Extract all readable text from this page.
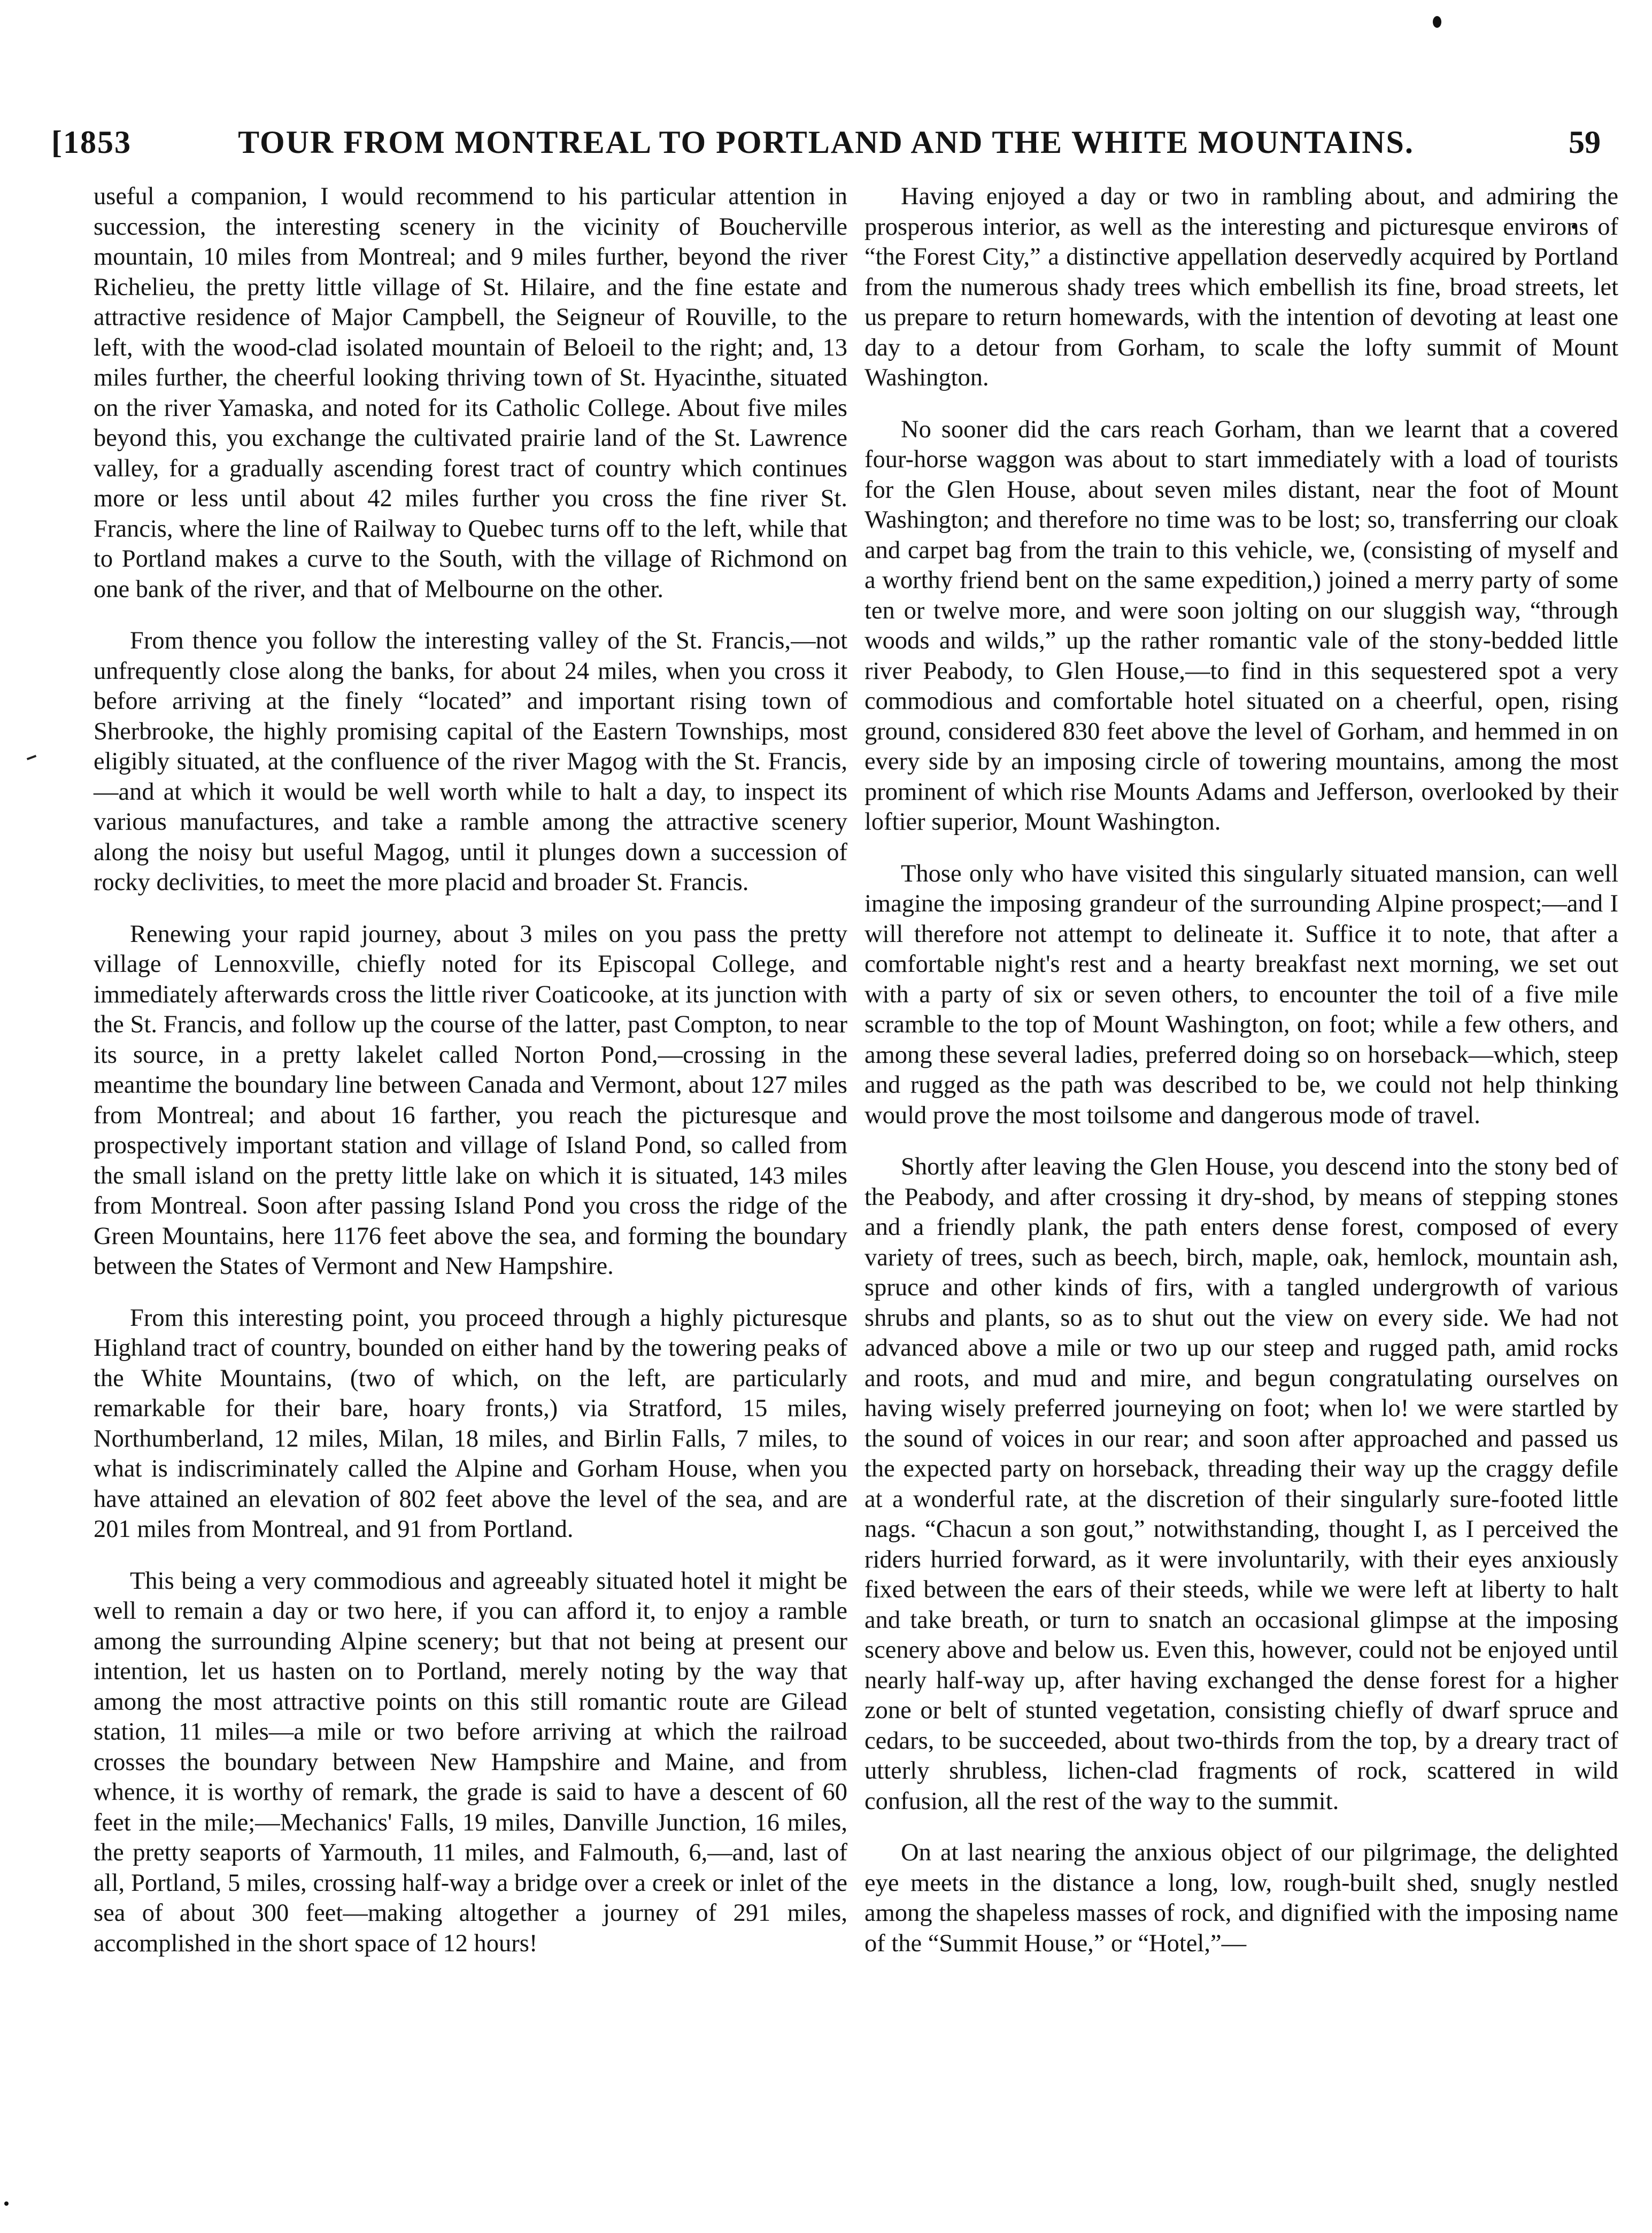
[1853	TOUR FROM MONTREAL TO PORTLAND AND THE WHITE MOUNTAINS.	59

useful a companion, I would recommend to his particular attention in succession, the interesting scenery in the vicinity of Boucherville mountain, 10 miles from Montreal; and 9 miles further, beyond the river Richelieu, the pretty little village of St. Hilaire, and the fine estate and attractive residence of Major Campbell, the Seigneur of Rouville, to the left, with the wood-clad isolated mountain of Beloeil to the right; and, 13 miles further, the cheerful looking thriving town of St. Hyacinthe, situated on the river Yamaska, and noted for its Catholic College. About five miles beyond this, you exchange the cultivated prairie land of the St. Lawrence valley, for a gradually ascending forest tract of country which continues more or less until about 42 miles further you cross the fine river St. Francis, where the line of Railway to Quebec turns off to the left, while that to Portland makes a curve to the South, with the village of Richmond on one bank of the river, and that of Melbourne on the other.

From thence you follow the interesting valley of the St. Francis,—not unfrequently close along the banks, for about 24 miles, when you cross it before arriving at the finely “located” and important rising town of Sherbrooke, the highly promising capital of the Eastern Townships, most eligibly situated, at the confluence of the river Magog with the St. Francis,—and at which it would be well worth while to halt a day, to inspect its various manufactures, and take a ramble among the attractive scenery along the noisy but useful Magog, until it plunges down a succession of rocky declivities, to meet the more placid and broader St. Francis.

Renewing your rapid journey, about 3 miles on you pass the pretty village of Lennoxville, chiefly noted for its Episcopal College, and immediately afterwards cross the little river Coaticooke, at its junction with the St. Francis, and follow up the course of the latter, past Compton, to near its source, in a pretty lakelet called Norton Pond,—crossing in the meantime the boundary line between Canada and Vermont, about 127 miles from Montreal; and about 16 farther, you reach the picturesque and prospectively important station and village of Island Pond, so called from the small island on the pretty little lake on which it is situated, 143 miles from Montreal. Soon after passing Island Pond you cross the ridge of the Green Mountains, here 1176 feet above the sea, and forming the boundary between the States of Vermont and New Hampshire.

From this interesting point, you proceed through a highly picturesque Highland tract of country, bounded on either hand by the towering peaks of the White Mountains, (two of which, on the left, are particularly remarkable for their bare, hoary fronts,) via Stratford, 15 miles, Northumberland, 12 miles, Milan, 18 miles, and Birlin Falls, 7 miles, to what is indiscriminately called the Alpine and Gorham House, when you have attained an elevation of 802 feet above the level of the sea, and are 201 miles from Montreal, and 91 from Portland.

This being a very commodious and agreeably situated hotel it might be well to remain a day or two here, if you can afford it, to enjoy a ramble among the surrounding Alpine scenery; but that not being at present our intention, let us hasten on to Portland, merely noting by the way that among the most attractive points on this still romantic route are Gilead station, 11 miles—a mile or two before arriving at which the railroad crosses the boundary between New Hampshire and Maine, and from whence, it is worthy of remark, the grade is said to have a descent of 60 feet in the mile;—Mechanics' Falls, 19 miles, Danville Junction, 16 miles, the pretty seaports of Yarmouth, 11 miles, and Falmouth, 6,—and, last of all, Portland, 5 miles, crossing half-way a bridge over a creek or inlet of the sea of about 300 feet—making altogether a journey of 291 miles, accomplished in the short space of 12 hours!

Having enjoyed a day or two in rambling about, and admiring the prosperous interior, as well as the interesting and picturesque environs of “the Forest City,” a distinctive appellation deservedly acquired by Portland from the numerous shady trees which embellish its fine, broad streets, let us prepare to return homewards, with the intention of devoting at least one day to a detour from Gorham, to scale the lofty summit of Mount Washington.

No sooner did the cars reach Gorham, than we learnt that a covered four-horse waggon was about to start immediately with a load of tourists for the Glen House, about seven miles distant, near the foot of Mount Washington; and therefore no time was to be lost; so, transferring our cloak and carpet bag from the train to this vehicle, we, (consisting of myself and a worthy friend bent on the same expedition,) joined a merry party of some ten or twelve more, and were soon jolting on our sluggish way, “through woods and wilds,” up the rather romantic vale of the stony-bedded little river Peabody, to Glen House,—to find in this sequestered spot a very commodious and comfortable hotel situated on a cheerful, open, rising ground, considered 830 feet above the level of Gorham, and hemmed in on every side by an imposing circle of towering mountains, among the most prominent of which rise Mounts Adams and Jefferson, overlooked by their loftier superior, Mount Washington.

Those only who have visited this singularly situated mansion, can well imagine the imposing grandeur of the surrounding Alpine prospect;—and I will therefore not attempt to delineate it. Suffice it to note, that after a comfortable night's rest and a hearty breakfast next morning, we set out with a party of six or seven others, to encounter the toil of a five mile scramble to the top of Mount Washington, on foot; while a few others, and among these several ladies, preferred doing so on horseback—which, steep and rugged as the path was described to be, we could not help thinking would prove the most toilsome and dangerous mode of travel.

Shortly after leaving the Glen House, you descend into the stony bed of the Peabody, and after crossing it dry-shod, by means of stepping stones and a friendly plank, the path enters dense forest, composed of every variety of trees, such as beech, birch, maple, oak, hemlock, mountain ash, spruce and other kinds of firs, with a tangled undergrowth of various shrubs and plants, so as to shut out the view on every side. We had not advanced above a mile or two up our steep and rugged path, amid rocks and roots, and mud and mire, and begun congratulating ourselves on having wisely preferred journeying on foot; when lo! we were startled by the sound of voices in our rear; and soon after approached and passed us the expected party on horseback, threading their way up the craggy defile at a wonderful rate, at the discretion of their singularly sure-footed little nags. “Chacun a son gout,” notwithstanding, thought I, as I perceived the riders hurried forward, as it were involuntarily, with their eyes anxiously fixed between the ears of their steeds, while we were left at liberty to halt and take breath, or turn to snatch an occasional glimpse at the imposing scenery above and below us. Even this, however, could not be enjoyed until nearly half-way up, after having exchanged the dense forest for a higher zone or belt of stunted vegetation, consisting chiefly of dwarf spruce and cedars, to be succeeded, about two-thirds from the top, by a dreary tract of utterly shrubless, lichen-clad fragments of rock, scattered in wild confusion, all the rest of the way to the summit.

On at last nearing the anxious object of our pilgrimage, the delighted eye meets in the distance a long, low, rough-built shed, snugly nestled among the shapeless masses of rock, and dignified with the imposing name of the “Summit House,” or “Hotel,”—
